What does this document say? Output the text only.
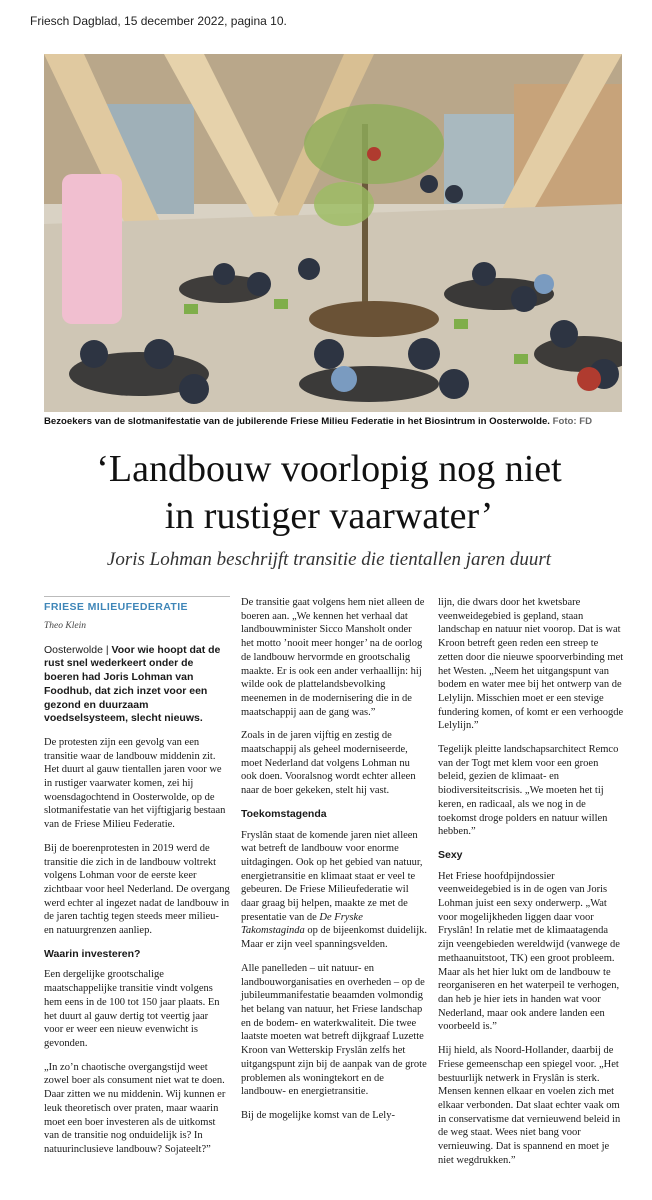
Friesch Dagblad, 15 december 2022, pagina 10.
Bezoekers van de slotmanifestatie van de jubilerende Friese Milieu Federatie in het Biosintrum in Oosterwolde. Foto: FD
‘Landbouw voorlopig nog niet
in rustiger vaarwater’
Joris Lohman beschrijft transitie die tientallen jaren duurt
FRIESE MILIEUFEDERATIE
Theo Klein

Oosterwolde | Voor wie hoopt dat de rust snel wederkeert onder de boeren had Joris Lohman van Foodhub, dat zich inzet voor een gezond en duurzaam voedselsysteem, slecht nieuws.

De protesten zijn een gevolg van een transitie waar de landbouw middenin zit. Het duurt al gauw tientallen jaren voor we in rustiger vaarwater komen, zei hij woensdagochtend in Oosterwolde, op de slotmanifestatie van het vijftigjarig bestaan van de Friese Milieu Federatie.

Bij de boerenprotesten in 2019 werd de transitie die zich in de landbouw voltrekt volgens Lohman voor de eerste keer zichtbaar voor heel Nederland. De overgang werd echter al ingezet nadat de landbouw in de jaren tachtig tegen steeds meer milieu- en natuurgrenzen aanliep.

Waarin investeren?

Een dergelijke grootschalige maatschappelijke transitie vindt volgens hem eens in de 100 tot 150 jaar plaats. En het duurt al gauw dertig tot veertig jaar voor er weer een nieuw evenwicht is gevonden.

„In zo’n chaotische overgangstijd weet zowel boer als consument niet wat te doen. Daar zitten we nu middenin. Wij kunnen er leuk theoretisch over praten, maar waarin moet een boer investeren als de uitkomst van de transitie nog onduidelijk is? In natuurinclusieve landbouw? Sojateelt?”

De transitie gaat volgens hem niet alleen de boeren aan. „We kennen het verhaal dat landbouwminister Sicco Mansholt onder het motto ’nooit meer honger’ na de oorlog de landbouw hervormde en grootschalig maakte. Er is ook een ander verhaallijn: hij wilde ook de plattelandsbevolking meenemen in de modernisering die in de maatschappij aan de gang was.”

Zoals in de jaren vijftig en zestig de maatschappij als geheel moderniseerde, moet Nederland dat volgens Lohman nu ook doen. Vooralsnog wordt echter alleen naar de boer gekeken, stelt hij vast.

Toekomstagenda

Fryslân staat de komende jaren niet alleen wat betreft de landbouw voor enorme uitdagingen. Ook op het gebied van natuur, energietransitie en klimaat staat er veel te gebeuren. De Friese Milieufederatie wil daar graag bij helpen, maakte ze met de presentatie van de De Fryske Takomstagindа op de bijeenkomst duidelijk. Maar er zijn veel spanningsvelden.

Alle panelleden – uit natuur- en landbouworganisaties en overheden – op de jubileummanifestatie beaamden volmondig het belang van natuur, het Friese landschap en de bodem- en waterkwaliteit. Die twee laatste moeten wat betreft dijkgraaf Luzette Kroon van Wetterskip Fryslân zelfs het uitgangspunt zijn bij de aanpak van de grote problemen als woningtekort en de landbouw- en energietransitie.

Bij de mogelijke komst van de Lely-

lijn, die dwars door het kwetsbare veenweidegebied is gepland, staan landschap en natuur niet voorop. Dat is wat Kroon betreft geen reden een streep te zetten door die nieuwe spoorverbinding met het Westen. „Neem het uitgangspunt van bodem en water mee bij het ontwerp van de Lelylijn. Misschien moet er een stevige fundering komen, of komt er een verhoogde Lelylijn.”

Tegelijk pleitte landschapsarchitect Remco van der Togt met klem voor een groen beleid, gezien de klimaat- en biodiversiteitscrisis. „We moeten het tij keren, en radicaal, als we nog in de toekomst droge polders en natuur willen hebben.”

Sexy

Het Friese hoofdpijndossier veenweidegebied is in de ogen van Joris Lohman juist een sexy onderwerp. „Wat voor mogelijkheden liggen daar voor Fryslân! In relatie met de klimaatagenda zijn veengebieden wereldwijd (vanwege de methaanuitstoot, TK) een groot probleem. Maar als het hier lukt om de landbouw te reorganiseren en het waterpeil te verhogen, dan heb je hier iets in handen wat voor Nederland, maar ook andere landen een voorbeeld is.”

Hij hield, als Noord-Hollander, daarbij de Friese gemeenschap een spiegel voor. „Het bestuurlijk netwerk in Fryslân is sterk. Mensen kennen elkaar en voelen zich met elkaar verbonden. Dat slaat echter vaak om in conservatisme dat vernieuwend beleid in de weg staat. Wees niet bang voor vernieuwing. Dat is spannend en moet je niet wegdrukken.”
